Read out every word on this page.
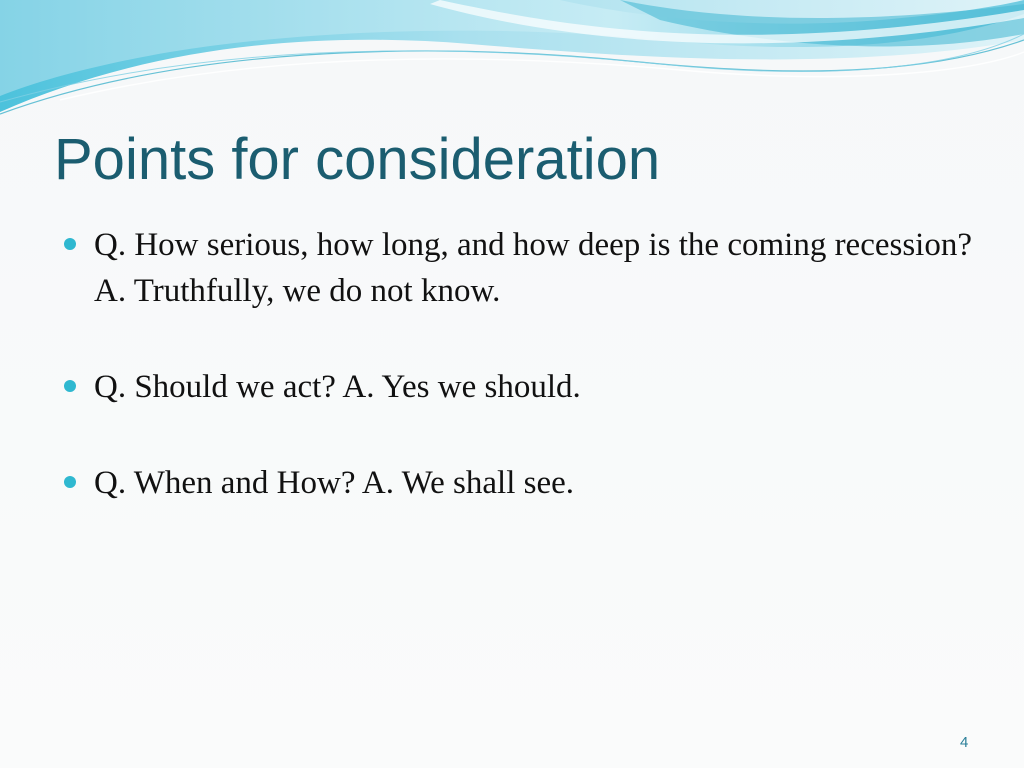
Points for consideration
Q. How serious, how long, and how deep is the coming recession? A. Truthfully, we do not know.
Q. Should we act? A. Yes we should.
Q. When and How? A. We shall see.
4
